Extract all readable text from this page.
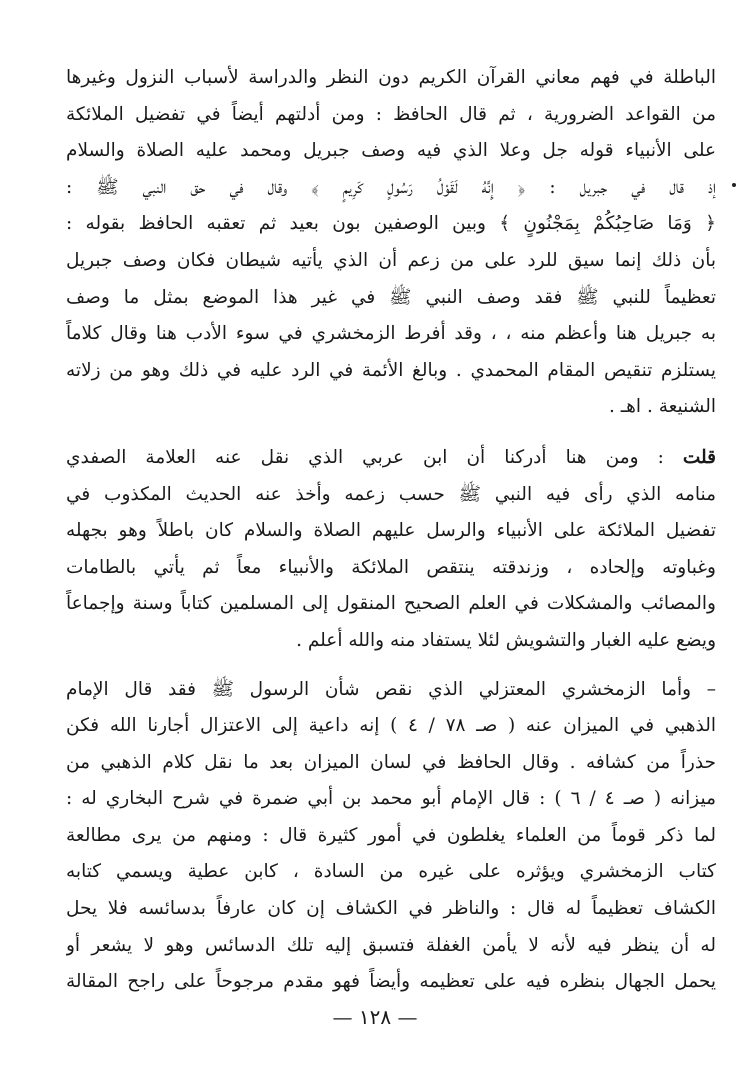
الباطلة في فهم معاني القرآن الكريم دون النظر والدراسة لأسباب النزول وغيرها
من القواعد الضرورية ، ثم قال الحافظ : ومن أدلتهم أيضاً في تفضيل الملائكة
على الأنبياء قوله جل وعلا الذي فيه وصف جبريل ومحمد عليه الصلاة والسلام
إذ قال في جبريل : ﴿ إِنَّهُ لَقَوْلُ رَسُولٍ كَرِيمٍ ﴾ وقال في حق النبي ﷺ :
﴿ وَمَا صَاحِبُكُمْ بِمَجْنُونٍ ﴾ وبين الوصفين بون بعيد ثم تعقبه الحافظ بقوله :
بأن ذلك إنما سيق للرد على من زعم أن الذي يأتيه شيطان فكان وصف جبريل
تعظيماً للنبي ﷺ فقد وصف النبي ﷺ في غير هذا الموضع بمثل ما وصف
به جبريل هنا وأعظم منه ، ، وقد أفرط الزمخشري في سوء الأدب هنا وقال كلاماً
يستلزم تنقيص المقام المحمدي . وبالغ الأئمة في الرد عليه في ذلك وهو من زلاته
الشنيعة . اهـ .
قلت : ومن هنا أدركنا أن ابن عربي الذي نقل عنه العلامة الصفدي
منامه الذي رأى فيه النبي ﷺ حسب زعمه وأخذ عنه الحديث المكذوب في
تفضيل الملائكة على الأنبياء والرسل عليهم الصلاة والسلام كان باطلاً وهو بجهله
وغباوته وإلحاده ، وزندقته ينتقص الملائكة والأنبياء معاً ثم يأتي بالطامات
والمصائب والمشكلات في العلم الصحيح المنقول إلى المسلمين كتاباً وسنة وإجماعاً
ويضع عليه الغبار والتشويش لئلا يستفاد منه والله أعلم .
– وأما الزمخشري المعتزلي الذي نقص شأن الرسول ﷺ فقد قال الإمام
الذهبي في الميزان عنه ( صـ ٧٨ / ٤ ) إنه داعية إلى الاعتزال أجارنا الله فكن
حذراً من كشافه . وقال الحافظ في لسان الميزان بعد ما نقل كلام الذهبي من
ميزانه ( صـ ٤ / ٦ ) : قال الإمام أبو محمد بن أبي ضمرة في شرح البخاري له :
لما ذكر قوماً من العلماء يغلطون في أمور كثيرة قال : ومنهم من يرى مطالعة
كتاب الزمخشري ويؤثره على غيره من السادة ، كابن عطية ويسمي كتابه
الكشاف تعظيماً له قال : والناظر في الكشاف إن كان عارفاً بدسائسه فلا يحل
له أن ينظر فيه لأنه لا يأمن الغفلة فتسبق إليه تلك الدسائس وهو لا يشعر أو
يحمل الجهال بنظره فيه على تعظيمه وأيضاً فهو مقدم مرجوحاً على راجح المقالة
— ١٢٨ —
